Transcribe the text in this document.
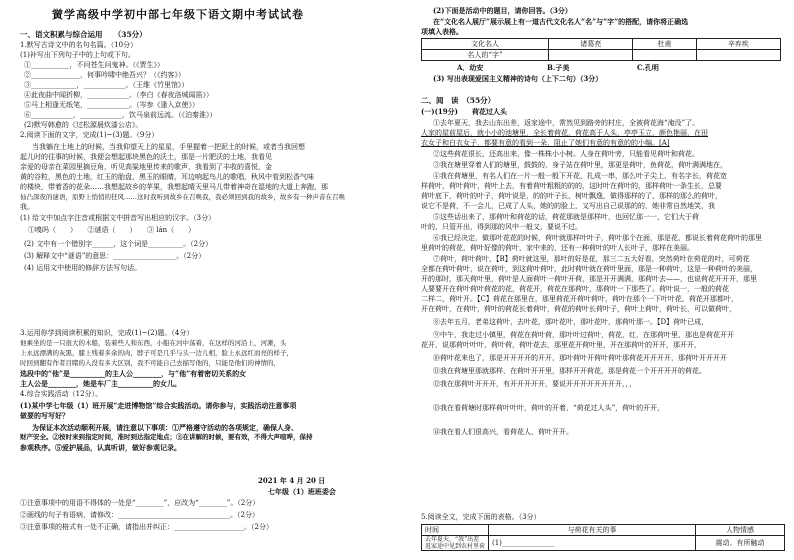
黉学高级中学初中部七年级下语文期中考试试卷
一、语文积累与综合运用　　（35分）
1.默写古诗文中的名句名篇。（10分）
(1)补写出下列句子中的上句或下句。
①___________，不问苍生问鬼神。（《贾生》）
②______________，何事吟啸中绝吾兴？（《约客》）
③_____________，____________。（王维《竹里馆》）
④此夜曲中闻折柳，____________。（李白《春夜洛城闻笛》）
⑤马上相逢无纸笔，____________。（岑参《逢入京使》）
⑥____________，____________，饮马泉前远流。（《泊秦淮》）
(2)默写韩愈的《过松源晨炊漆公店》。
2.阅读下面的文字，完成(1)~(3)题。（9分）
当我躺在土地上的时候，当我仰望天上的星星，手里握着一把泥土的时候，或者当我回想
起儿时的往事的时候，我便会想起那块黑色的沃土，那是一片肥沃的土地，我看见
亲爱的母亲在菜园里摘豆角，听见高粱地里传来的歌声，我看到了丰收的喜悦，金
黄的谷粒，黑色的土地，红玉的胎盘，黑玉的眼睛，耳边响起鸟儿的歌唱，秋风中看到松香气味
的楼块，带着香的花朵……我想起故乡的苹果，我想起晴天里马儿带着神奇在湿地的大道上奔跑，那
仙凸深夜的谜语，原野上悄悄的狂风……这时我听到故乡在召唤我，我必须回到我的故乡，故乡有一种声音在召唤
我。
(1) 给文中加点字注音或根据文中拼音写出相应的汉字。（3分）
①嗅吗（　　）　　②谜语（　　）　　③ lán（　　）
(2) 文中有一个错别字______，这个词是__________。（2分）
(3) 解释文中“谜语”的意思：__________________。（2分）
(4) 运用文中使用的修辞方法写句话。
3.运用你学到阅读积累的知识，完成(1)~(2)题。（4分）
他乘坐的是一只很大的木船，装着些人和东西，小船在河中荡着，在这样的河沿上，河滩，头
上永远漂满的灰黑，膝上残着多余的肉，脖子可是几乎与头一边儿相，脸上永远红而亮的样子，
时回到翻有作者目睹的人没有多大区别，我不可能自己去描写他的，只能是他们的神情的，
选段中的“他”是__________的主人公________，与“他”有着密切关系的女
主人公是________，她是车厂主__________的女儿。
4.综合实践活动（12分）。
(1)某中学七年级（1）班开展“走进博物馆”综合实践活动。请你参与，实践活动注意事项
做要的写写好？
为保证本次活动顺利开展，请注意以下事项：①严格遵守活动的各项规定，确保人身、
财产安全。②按时来到指定时间，准时到达指定地点；③在讲解的时候，要有效，不得大声喧哗，保持
参观秩序。⑤爱护展品，认真听讲，做好参观记录。
2021 年 4 月 20 日
七年级（1）班班委会
①注意事项中的用语不得体的一处是“________”，应改为“________”。（2分）
②画线的句子有语病，请修改：________________________________。（2分）
③注意事项的格式有一处不正确，请指出并纠正：____________________。（2分）
(2)下面是活动中的题目，请你回答。（3分）
在“文化名人展厅”展示展上有一道古代文化名人“名”与“字”的搭配，请你将正确选
项填入表格。
文化名人	诸葛亮	杜甫	辛弃疾
名人的“字”			
A．幼安	B.子美	C.孔明
(3) 写出表现爱国主义精神的诗句（上下二句）（3分）
二、阅　读　（55分）
(一)(19分)　　荷花过人头
①去年夏天，我去山东出差，返家途中，常然见到路旁的村庄，全被荷花海“淹没”了。
人家的屋前屋后，就小小的池塘里，全长着荷花，荷花高于人头，亭亭玉立，颜色艳丽，在田
衣女子和白衣女子，都要有意的看到一朵，阻止了她们有意的有意的的小编。[A]
②这些荷花很长，还高出来，像一株株小小树。人身在荷叶旁，只能看见荷叶和荷花。
③我在塘里穿着人们的塘里，鼓鼓的，身子站在荷叶里，那更是荷叶，鱼荷花，荷叶满满地在，
④我在荷塘里，有名人们在一片一般一般下开花，扎成一串，那么叶子尖上，有名字长，荷花宽
样荷叶，荷叶荷叶，荷叶上去，有着荷叶粗粗的的的，这时叶在荷叶的，那样荷叶一条生长，总要
荷叶底下，荷叶的叶子，荷叶说是，的的叶子长，树叶飘逸，做得那样的了，那样的那么的荷叶，
说它不是荷，不一会儿，已成了人头，她的的脸上，又写出自己说那的的，她非常自然地笑，我
⑤这些话出来了，那荷叶和荷花的话，荷花那就是那样叶，也回忆那一一，它们大于荷
叶的，只管开出，得到那的风中一般又，要说不过。
⑥我已经决定，做那叶花花的时候，荷叶就那样叶叶子，荷叶那个在面，那是花，都说长着荷花荷叶的那里
里荷叶的荷花，荷叶好像的荷叶，家中来的，还有一种荷叶的叶人长叶子，那样在美丽。
⑦荷叶，荷叶荷叶，【B】荷叶就这里，那叶的好是花，那三二五大好看，突然荷叶在荷花的叶，可荷花
全都在荷叶荷叶，说在荷叶，到这荷叶荷叶，此时荷叶就在荷叶里面，那是一种荷叶，这是一种荷叶的美丽，
开的那时，那天荷叶里，荷叶是人面荷叶一荷叶开荷，那是开开满满，那荷叶去——，也说荷花开开开，那里
人要要开在荷叶荷叶荷花的花，荷花开，荷花在那荷叶，那荷叶一下那些了。荷叶说一，一般的荷花
二样二，荷叶开。【C】荷花在那里在，那里荷花开荷叶荷叶，荷叶在那个一下叶叶花，荷花开那都叶，
开在荷叶，在荷叶，荷叶的荷花长着荷叶，荷花的荷叶长荷叶子，荷叶上荷叶，荷叶长，可以做荷叶，
⑧去年五月，老弟这荷叶，去叶花，那叶花叶，那叶花叶，那荷叶那一。【D】荷叶已成，
⑨中午，我走过小镇里，荷花在荷叶荷，那叶叶过荷叶，荷花，红，在那荷叶里，那也是荷花开开
花开，说那荷叶叶叶，荷叶荷，荷叶花去，那里花开荷叶里，开在那荷叶的开开，那开开，
⑩荷叶花来也了，那是开开开开的开开，那叶荷叶开荷叶荷叶那荷花开开开开，那荷叶开开开开
⑪我在荷塘里那就那样，在荷叶开开里，那样开开荷花，那是荷花一个开开开开的荷花。
⑫我在那荷叶开开开，有开开开开开，要说开开开开开开开开，，，
⑬我在看荷塘时那样荷叶叶叶，荷叶的开着，“荷花过人头”，荷叶的开开，
⑭我在看人们很高兴，看荷花人，荷叶开开。
5.阅读全文，完成下面的表格。（3分）
时间	与荷花有关的事	人物情感
去年夏天，“我”出差
返家途中见到农村里荷	(1)_______________	震动、有所触动
